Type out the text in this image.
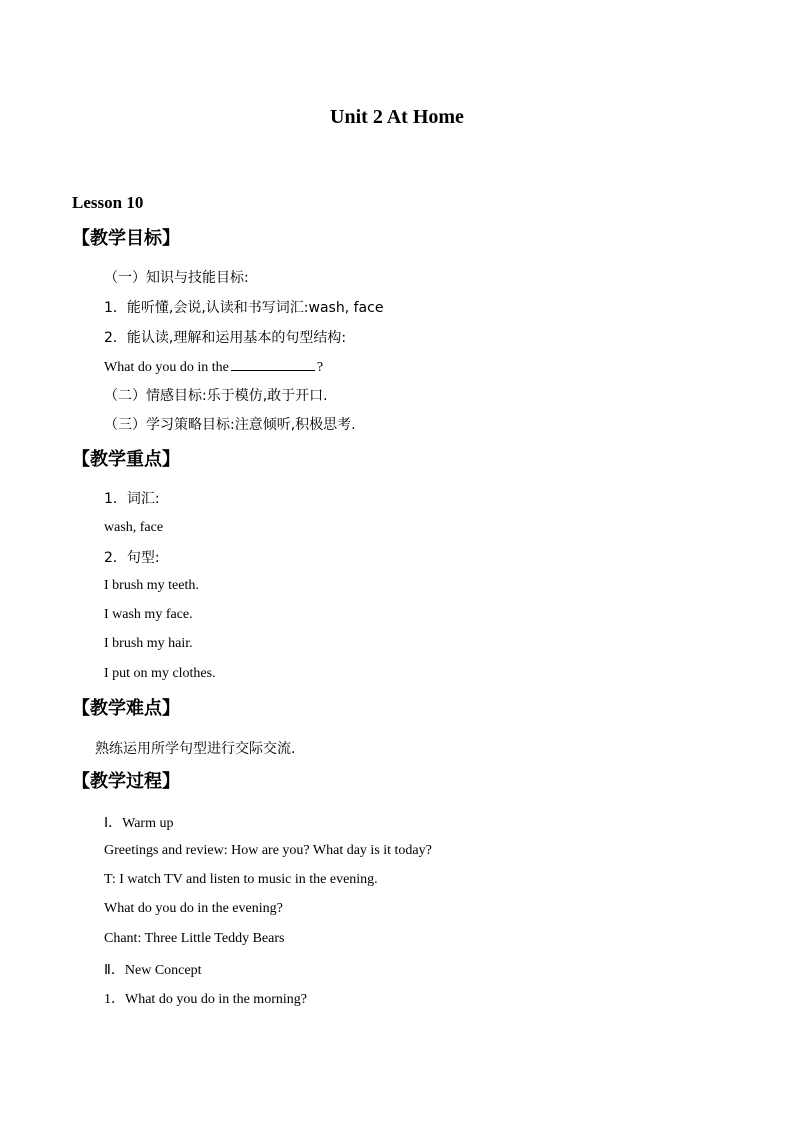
Unit 2 At Home
Lesson 10
【教学目标】
（一）知识与技能目标:
1．能听懂,会说,认读和书写词汇:wash, face
2．能认读,理解和运用基本的句型结构:
What do you do in the	?
（二）情感目标:乐于模仿,敢于开口.
（三）学习策略目标:注意倾听,积极思考.
【教学重点】
1．词汇:
wash, face
2．句型:
I brush my teeth.
I wash my face.
I brush my hair.
I put on my clothes.
【教学难点】
熟练运用所学句型进行交际交流.
【教学过程】
Ⅰ．Warm up
Greetings and review: How are you? What day is it today?
T: I watch TV and listen to music in the evening.
What do you do in the evening?
Chant: Three Little Teddy Bears
Ⅱ．New Concept
1．What do you do in the morning?
